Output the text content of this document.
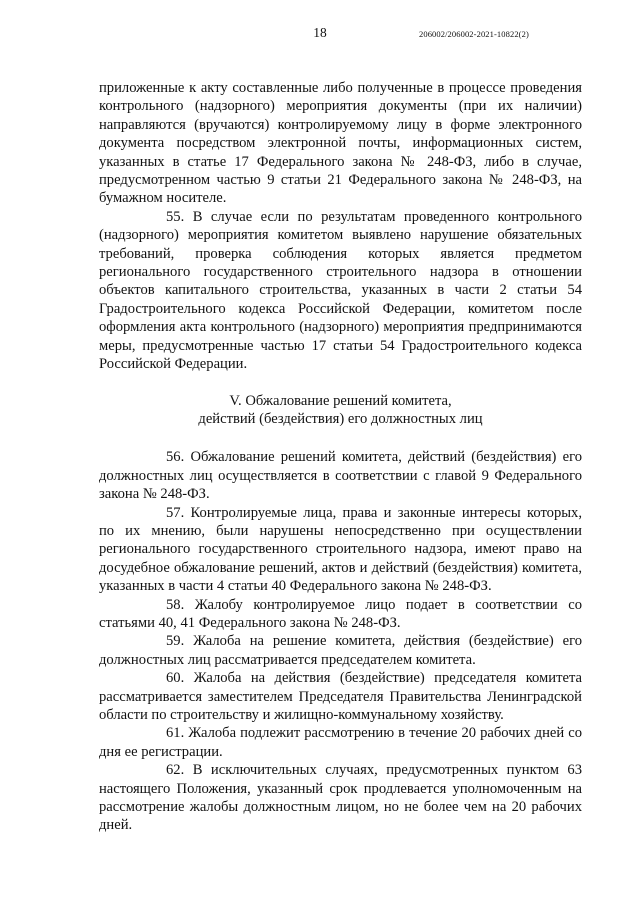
18	206002/206002-2021-10822(2)

приложенные к акту составленные либо полученные в процессе проведения контрольного (надзорного) мероприятия документы (при их наличии) направляются (вручаются) контролируемому лицу в форме электронного документа посредством электронной почты, информационных систем, указанных в статье 17 Федерального закона № 248-ФЗ, либо в случае, предусмотренном частью 9 статьи 21 Федерального закона № 248-ФЗ, на бумажном носителе.

55. В случае если по результатам проведенного контрольного (надзорного) мероприятия комитетом выявлено нарушение обязательных требований, проверка соблюдения которых является предметом регионального государственного строительного надзора в отношении объектов капитального строительства, указанных в части 2 статьи 54 Градостроительного кодекса Российской Федерации, комитетом после оформления акта контрольного (надзорного) мероприятия предпринимаются меры, предусмотренные частью 17 статьи 54 Градостроительного кодекса Российской Федерации.

V. Обжалование решений комитета,
действий (бездействия) его должностных лиц

56. Обжалование решений комитета, действий (бездействия) его должностных лиц осуществляется в соответствии с главой 9 Федерального закона № 248-ФЗ.

57. Контролируемые лица, права и законные интересы которых, по их мнению, были нарушены непосредственно при осуществлении регионального государственного строительного надзора, имеют право на досудебное обжалование решений, актов и действий (бездействия) комитета, указанных в части 4 статьи 40 Федерального закона № 248-ФЗ.

58. Жалобу контролируемое лицо подает в соответствии со статьями 40, 41 Федерального закона № 248-ФЗ.

59. Жалоба на решение комитета, действия (бездействие) его должностных лиц рассматривается председателем комитета.

60. Жалоба на действия (бездействие) председателя комитета рассматривается заместителем Председателя Правительства Ленинградской области по строительству и жилищно-коммунальному хозяйству.

61. Жалоба подлежит рассмотрению в течение 20 рабочих дней со дня ее регистрации.

62. В исключительных случаях, предусмотренных пунктом 63 настоящего Положения, указанный срок продлевается уполномоченным на рассмотрение жалобы должностным лицом, но не более чем на 20 рабочих дней.
